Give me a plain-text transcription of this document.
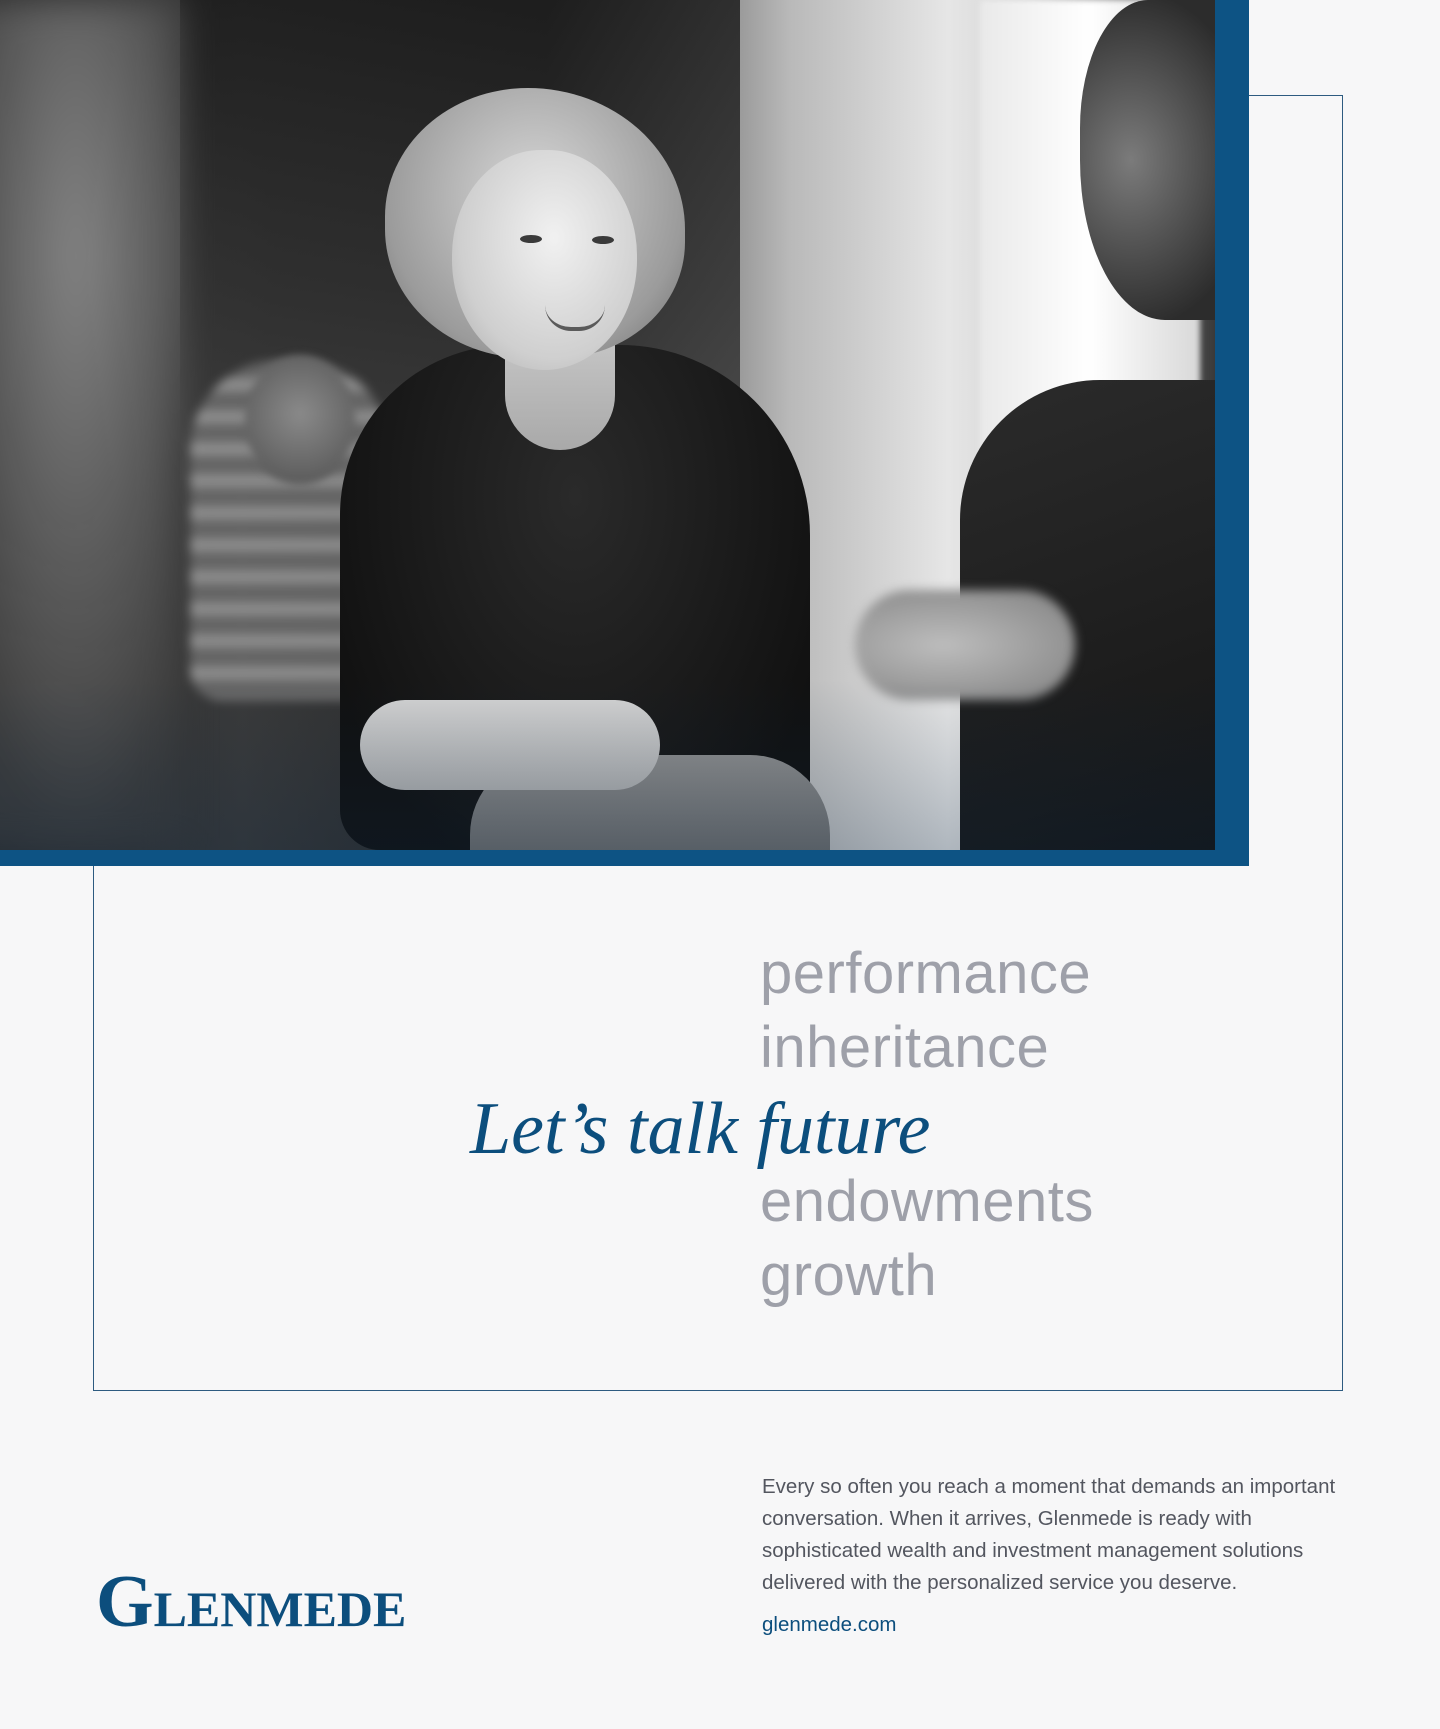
performance
inheritance
Let’s talk future
endowments
growth
GLENMEDE
Every so often you reach a moment that demands an important conversation. When it arrives, Glenmede is ready with sophisticated wealth and investment management solutions delivered with the personalized service you deserve.
glenmede.com
